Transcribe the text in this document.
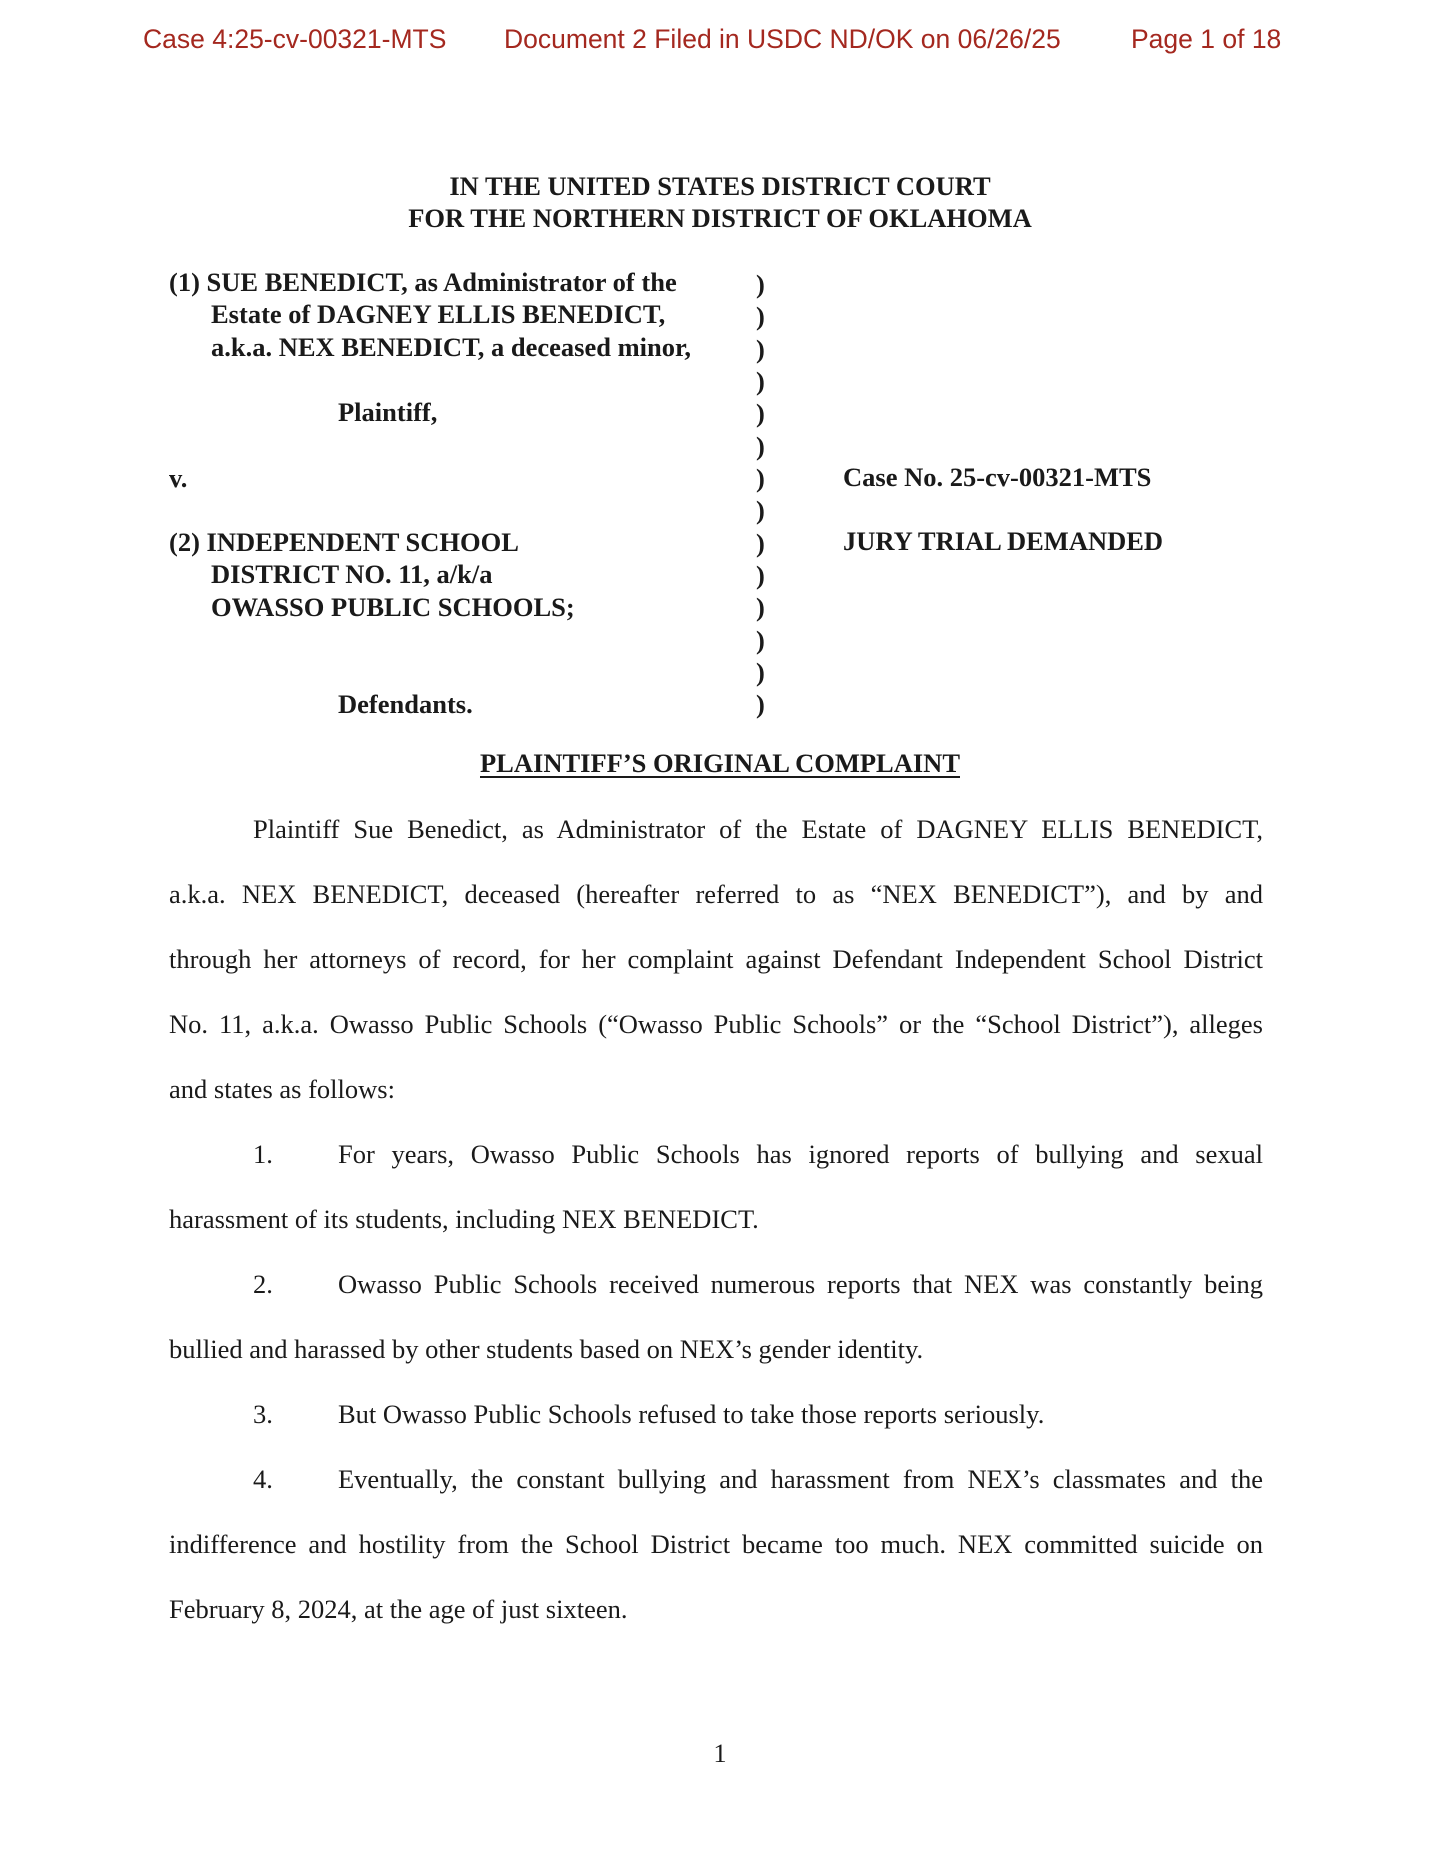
Case 4:25-cv-00321-MTS Document 2 Filed in USDC ND/OK on 06/26/25	Page 1 of 18
IN THE UNITED STATES DISTRICT COURT
FOR THE NORTHERN DISTRICT OF OKLAHOMA
(1) SUE BENEDICT, as Administrator of the
Estate of DAGNEY ELLIS BENEDICT,
a.k.a. NEX BENEDICT, a deceased minor,
Plaintiff,
v.
(2) INDEPENDENT SCHOOL
DISTRICT NO. 11, a/k/a
OWASSO PUBLIC SCHOOLS;
Defendants.
)
)
)
)
)
)
)
)
)
)
)
)
)
)
Case No. 25-cv-00321-MTS
JURY TRIAL DEMANDED
PLAINTIFF’S ORIGINAL COMPLAINT
Plaintiff Sue Benedict, as Administrator of the Estate of DAGNEY ELLIS BENEDICT,
a.k.a. NEX BENEDICT, deceased (hereafter referred to as “NEX BENEDICT”), and by and
through her attorneys of record, for her complaint against Defendant Independent School District
No. 11, a.k.a. Owasso Public Schools (“Owasso Public Schools” or the “School District”), alleges
and states as follows:
1. For years, Owasso Public Schools has ignored reports of bullying and sexual
harassment of its students, including NEX BENEDICT.
2. Owasso Public Schools received numerous reports that NEX was constantly being
bullied and harassed by other students based on NEX’s gender identity.
3. But Owasso Public Schools refused to take those reports seriously.
4. Eventually, the constant bullying and harassment from NEX’s classmates and the
indifference and hostility from the School District became too much. NEX committed suicide on
February 8, 2024, at the age of just sixteen.
1
